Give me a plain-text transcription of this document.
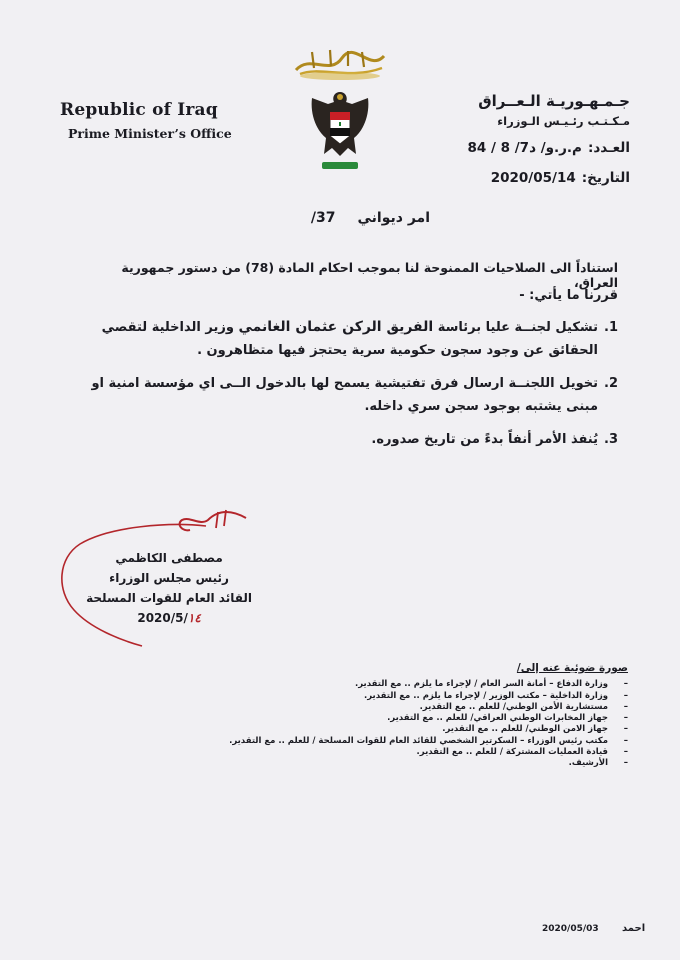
Republic of Iraq
Prime Minister’s Office
جـمـهـوريـة الـعــراق
مـكـتـب رئـيـس الـوزراء
العـدد:م.ر.و/ د7/ 8 / 84
التاريخ:2020/05/14
امر ديواني37/
استناداً الى الصلاحيات الممنوحة لنا بموجب احكام المادة (78) من دستور جمهورية العراق،
قررنا ما يأتي: -
1.
تشكيل لجنــة عليا برئاسة الفريق الركن عثمان الغانمي وزير الداخلية لتقصي الحقائق عن وجود سجون حكومية سرية يحتجز فيها متظاهرون .
2.
تخويل اللجنــة ارسال فرق تفتيشية يسمح لها بالدخول الــى اي مؤسسة امنية او مبنى يشتبه بوجود سجن سري داخله.
3.
يُنفذ الأمر أنفاً بدءً من تاريخ صدوره.
مصطفى الكاظمي
رئيس مجلس الوزراء
القائد العام للقوات المسلحة
2020/5/١٤
صورة ضوئية عنه إلى/
–
وزارة الدفاع – أمانة السر العام / لإجراء ما يلزم .. مع التقدير.
–
وزارة الداخلية – مكتب الوزير / لإجراء ما يلزم .. مع التقدير.
–
مستشارية الأمن الوطني/ للعلم .. مع التقدير.
–
جهاز المخابرات الوطني العراقي/ للعلم .. مع التقدير.
–
جهاز الامن الوطني/ للعلم .. مع التقدير.
–
مكتب رئيس الوزراء – السكرتير الشخصي للقائد العام للقوات المسلحة / للعلم .. مع التقدير.
–
قيادة العمليات المشتركة / للعلم .. مع التقدير.
–
الأرشيف.
2020/05/03 احمد
